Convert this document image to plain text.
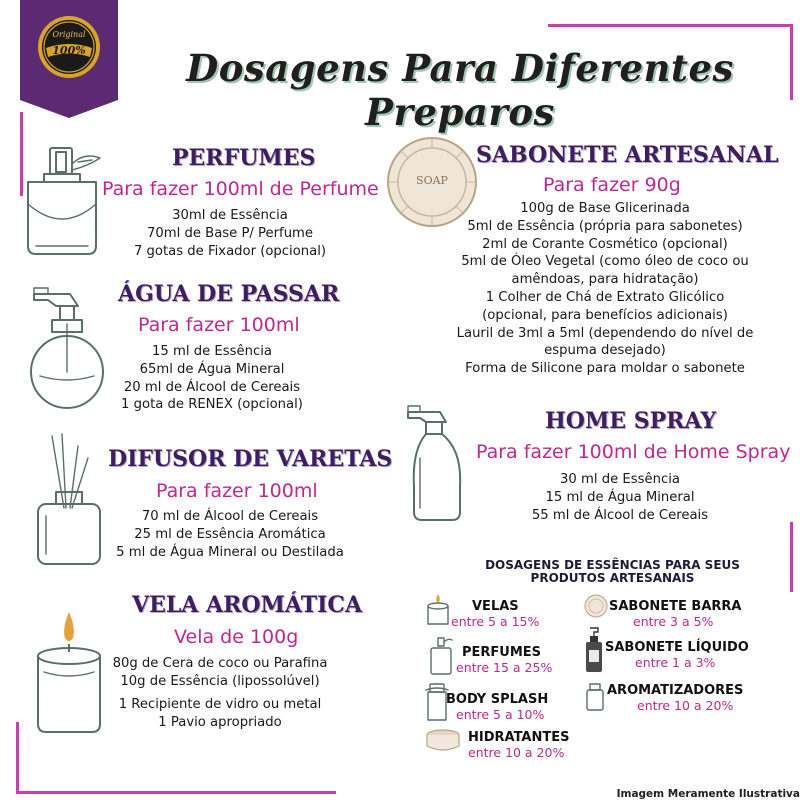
Original
100%	Dosagens Para Diferentes Preparos
PERFUMES
Para fazer 100ml de Perfume
30ml de Essência
70ml de Base P/ Perfume
7 gotas de Fixador (opcional)
ÁGUA DE PASSAR
Para fazer 100ml
15 ml de Essência
65ml de Água Mineral
20 ml de Álcool de Cereais
1 gota de RENEX (opcional)
DIFUSOR DE VARETAS
Para fazer 100ml
70 ml de Álcool de Cereais
25 ml de Essência Aromática
5 ml de Água Mineral ou Destilada
VELA AROMÁTICA
Vela de 100g
80g de Cera de coco ou Parafina
10g de Essência (lipossolúvel)
1 Recipiente de vidro ou metal
1 Pavio apropriado
SOAP
SABONETE ARTESANAL
Para fazer 90g
100g de Base Glicerinada
5ml de Essência (própria para sabonetes)
2ml de Corante Cosmético (opcional)
5ml de Óleo Vegetal (como óleo de coco ou
amêndoas, para hidratação)
1 Colher de Chá de Extrato Glicólico
(opcional, para benefícios adicionais)
Lauril de 3ml a 5ml (dependendo do nível de
espuma desejado)
Forma de Silicone para moldar o sabonete
HOME SPRAY
Para fazer 100ml de Home Spray
30 ml de Essência
15 ml de Água Mineral
55 ml de Álcool de Cereais
DOSAGENS DE ESSÊNCIAS PARA SEUS
PRODUTOS ARTESANAIS
VELAS
entre 5 a 15%
PERFUMES
entre 15 a 25%
BODY SPLASH
entre 5 a 10%
HIDRATANTES
entre 10 a 20%
SABONETE BARRA
entre 3 a 5%
SABONETE LÍQUIDO
entre 1 a 3%
AROMATIZADORES
entre 10 a 20%
Imagem Meramente Ilustrativa
